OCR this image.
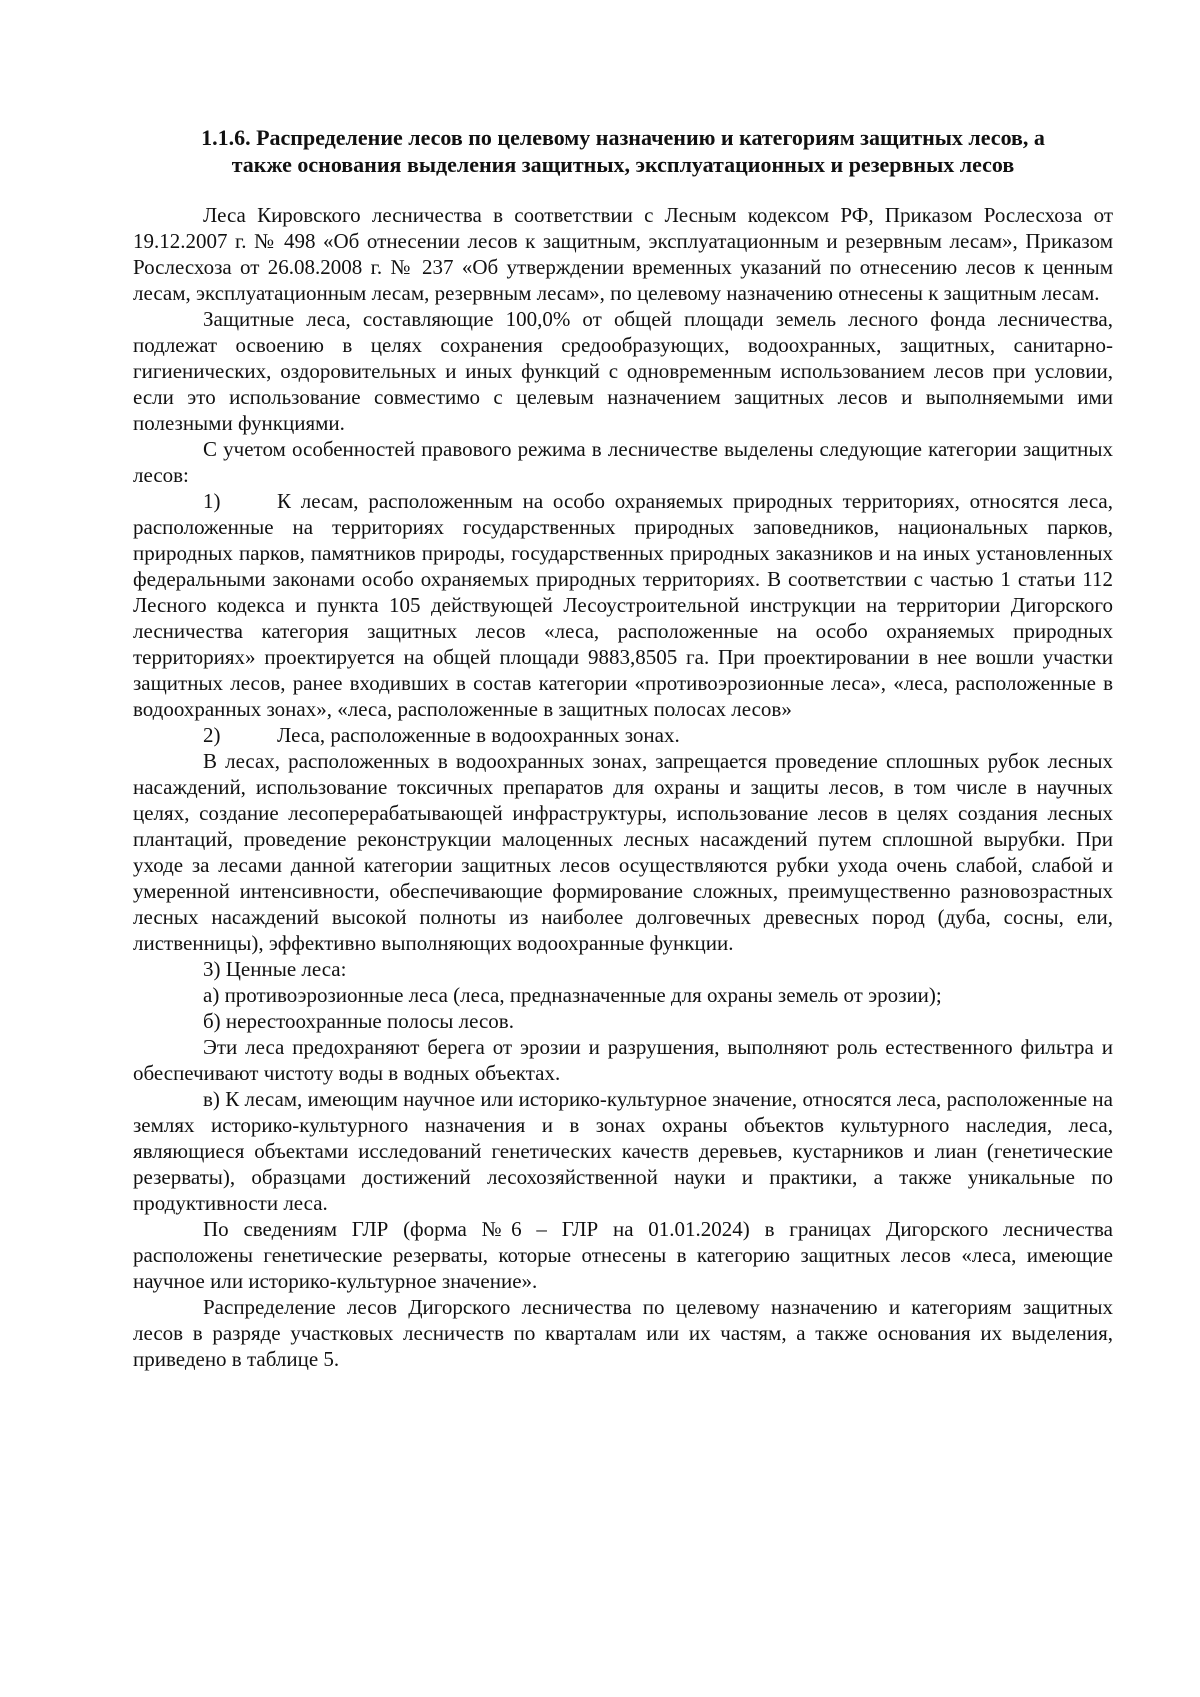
1.1.6. Распределение лесов по целевому назначению и категориям защитных лесов, а
также основания выделения защитных, эксплуатационных и резервных лесов

Леса Кировского лесничества в соответствии с Лесным кодексом РФ, Приказом Рослесхоза от 19.12.2007 г. № 498 «Об отнесении лесов к защитным, эксплуатационным и резервным лесам», Приказом Рослесхоза от 26.08.2008 г. № 237 «Об утверждении временных указаний по отнесению лесов к ценным лесам, эксплуатационным лесам, резервным лесам», по целевому назначению отнесены к защитным лесам.

Защитные леса, составляющие 100,0% от общей площади земель лесного фонда лесничества, подлежат освоению в целях сохранения средообразующих, водоохранных, защитных, санитарно-гигиенических, оздоровительных и иных функций с одновременным использованием лесов при условии, если это использование совместимо с целевым назначением защитных лесов и выполняемыми ими полезными функциями.

С учетом особенностей правового режима в лесничестве выделены следующие категории защитных лесов:

1)	К лесам, расположенным на особо охраняемых природных территориях, относятся леса, расположенные на территориях государственных природных заповедников, национальных парков, природных парков, памятников природы, государственных природных заказников и на иных установленных федеральными законами особо охраняемых природных территориях. В соответствии с частью 1 статьи 112 Лесного кодекса и пункта 105 действующей Лесоустроительной инструкции на территории Дигорского лесничества категория защитных лесов «леса, расположенные на особо охраняемых природных территориях» проектируется на общей площади 9883,8505 га. При проектировании в нее вошли участки защитных лесов, ранее входивших в состав категории «противоэрозионные леса», «леса, расположенные в водоохранных зонах», «леса, расположенные в защитных полосах лесов»

2)	Леса, расположенные в водоохранных зонах.

В лесах, расположенных в водоохранных зонах, запрещается проведение сплошных рубок лесных насаждений, использование токсичных препаратов для охраны и защиты лесов, в том числе в научных целях, создание лесоперерабатывающей инфраструктуры, использование лесов в целях создания лесных плантаций, проведение реконструкции малоценных лесных насаждений путем сплошной вырубки. При уходе за лесами данной категории защитных лесов осуществляются рубки ухода очень слабой, слабой и умеренной интенсивности, обеспечивающие формирование сложных, преимущественно разновозрастных лесных насаждений высокой полноты из наиболее долговечных древесных пород (дуба, сосны, ели, лиственницы), эффективно выполняющих водоохранные функции.

3) Ценные леса:

а) противоэрозионные леса (леса, предназначенные для охраны земель от эрозии);

б) нерестоохранные полосы лесов.

Эти леса предохраняют берега от эрозии и разрушения, выполняют роль естественного фильтра и обеспечивают чистоту воды в водных объектах.

в) К лесам, имеющим научное или историко-культурное значение, относятся леса, расположенные на землях историко-культурного назначения и в зонах охраны объектов культурного наследия, леса, являющиеся объектами исследований генетических качеств деревьев, кустарников и лиан (генетические резерваты), образцами достижений лесохозяйственной науки и практики, а также уникальные по продуктивности леса.

По сведениям ГЛР (форма №6 – ГЛР на 01.01.2024) в границах Дигорского лесничества расположены генетические резерваты, которые отнесены в категорию защитных лесов «леса, имеющие научное или историко-культурное значение».

Распределение лесов Дигорского лесничества по целевому назначению и категориям защитных лесов в разряде участковых лесничеств по кварталам или их частям, а также основания их выделения, приведено в таблице 5.
